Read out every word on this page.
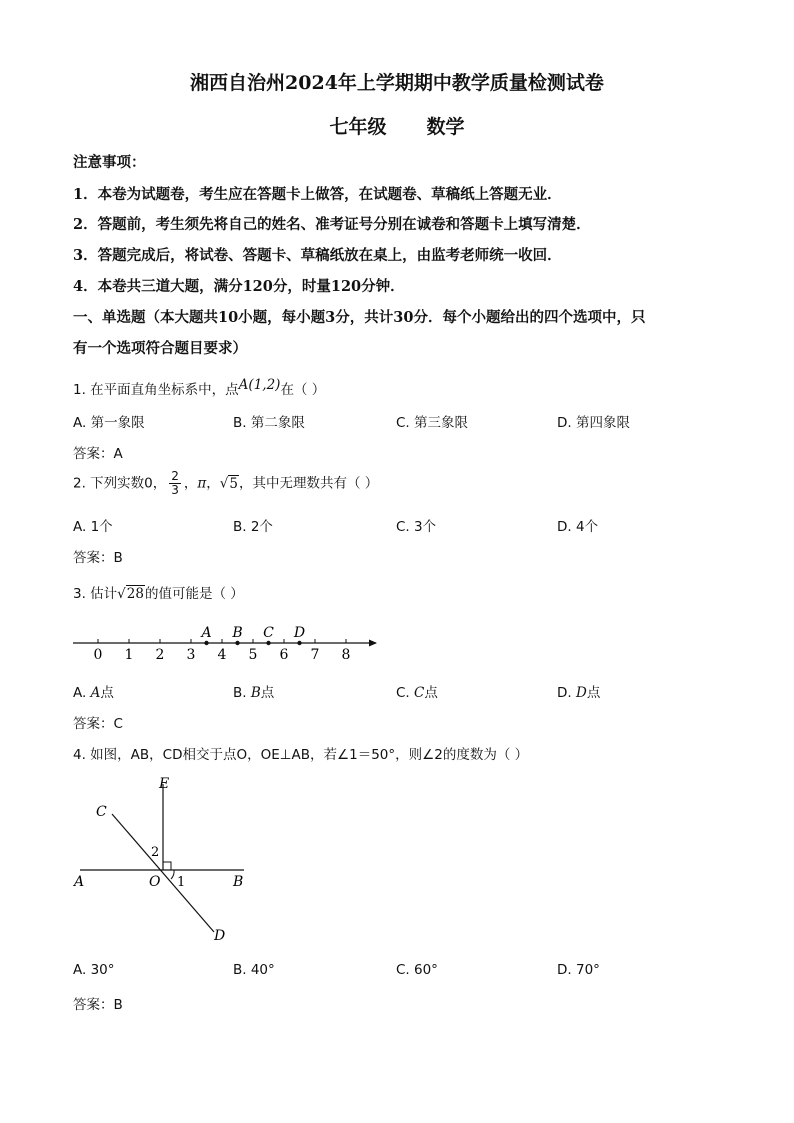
湘西自治州2024年上学期期中教学质量检测试卷
七年级 数学
注意事项：
1．本卷为试题卷，考生应在答题卡上做答，在试题卷、草稿纸上答题无业．
2．答题前，考生须先将自己的姓名、准考证号分别在诚卷和答题卡上填写清楚．
3．答题完成后，将试卷、答题卡、草稿纸放在桌上，由监考老师统一收回．
4．本卷共三道大题，满分120分，时量120分钟．
一、单选题（本大题共10小题，每小题3分，共计30分．每个小题给出的四个选项中，只
有一个选项符合题目要求）
1. 在平面直角坐标系中，点A(1,2)在（ ）
A. 第一象限	B. 第二象限	C. 第三象限	D. 第四象限
答案：A
2. 下列实数0， $\frac{2}{3}$ ，π，√5，其中无理数共有（ ）
A. 1个	B. 2个	C. 3个	D. 4个
答案：B
3. 估计√28的值可能是（ ）
0 1 2 3 4 5 6 7 8
A B C D
A. A点	B. B点	C. C点	D. D点
答案：C
4. 如图，AB，CD相交于点O，OE⊥AB，若∠1＝50°，则∠2的度数为（ ）
E
C
A	O	B
D
1
2
A. 30°	B. 40°	C. 60°	D. 70°
答案：B
